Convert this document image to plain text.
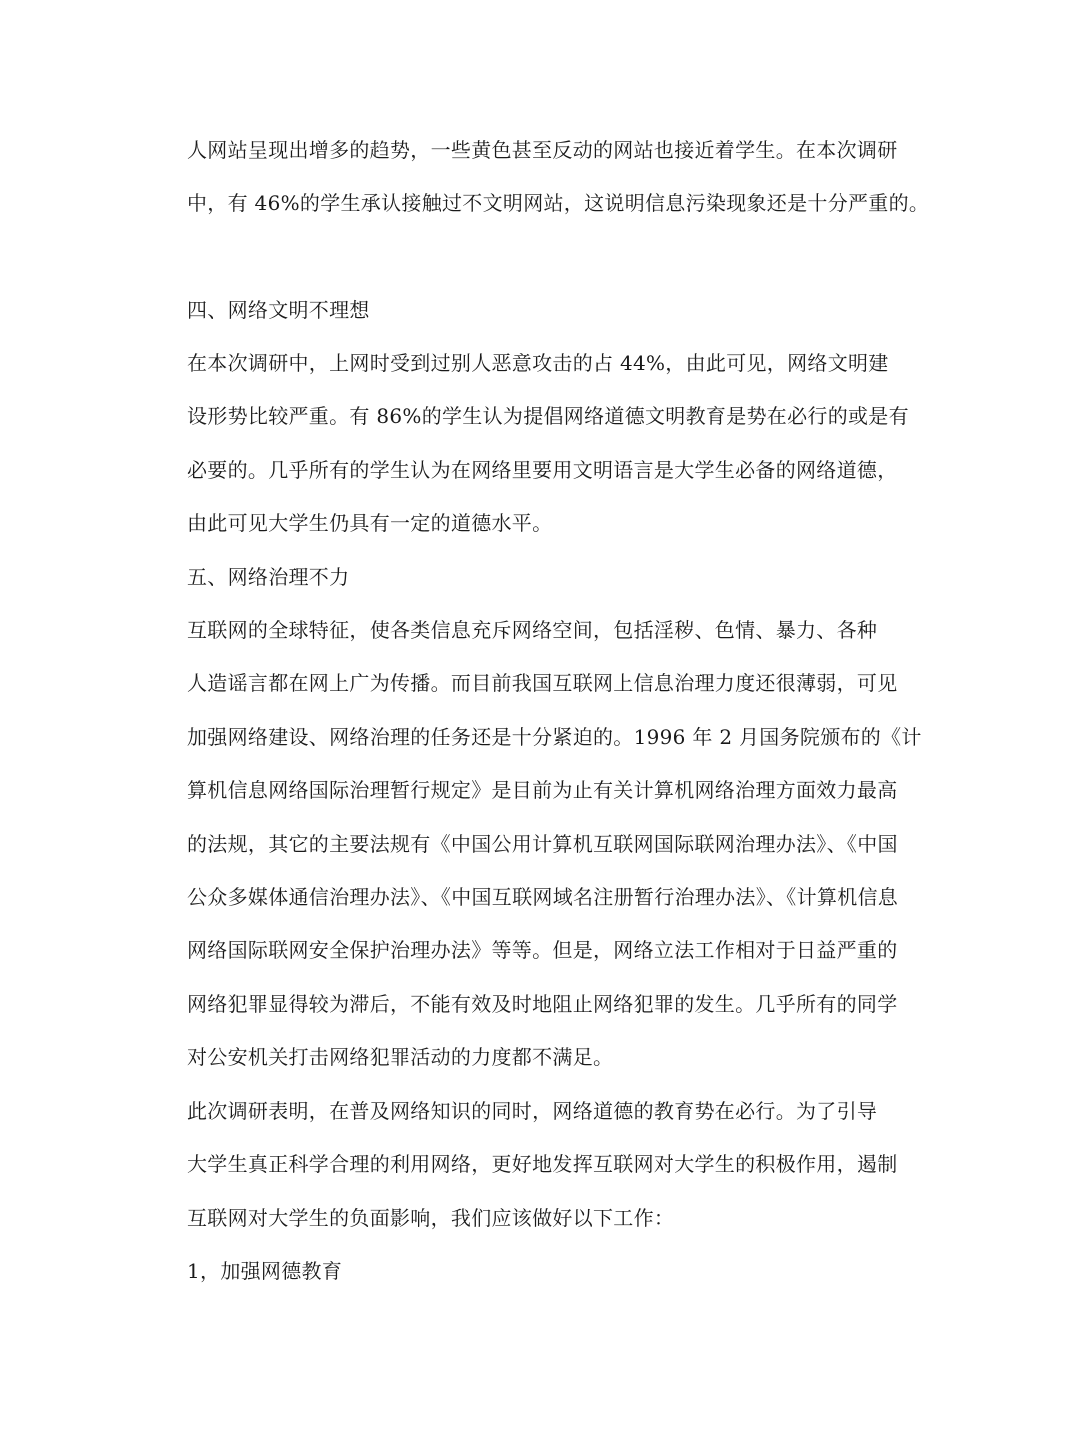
人网站呈现出增多的趋势，一些黄色甚至反动的网站也接近着学生。在本次调研
中，有 46%的学生承认接触过不文明网站，这说明信息污染现象还是十分严重的。
四、网络文明不理想
在本次调研中，上网时受到过别人恶意攻击的占 44%，由此可见，网络文明建
设形势比较严重。有 86%的学生认为提倡网络道德文明教育是势在必行的或是有
必要的。几乎所有的学生认为在网络里要用文明语言是大学生必备的网络道德，
由此可见大学生仍具有一定的道德水平。
五、网络治理不力
互联网的全球特征，使各类信息充斥网络空间，包括淫秽、色情、暴力、各种
人造谣言都在网上广为传播。而目前我国互联网上信息治理力度还很薄弱，可见
加强网络建设、网络治理的任务还是十分紧迫的。1996 年 2 月国务院颁布的《计
算机信息网络国际治理暂行规定》是目前为止有关计算机网络治理方面效力最高
的法规，其它的主要法规有《中国公用计算机互联网国际联网治理办法》、《中国
公众多媒体通信治理办法》、《中国互联网域名注册暂行治理办法》、《计算机信息
网络国际联网安全保护治理办法》等等。但是，网络立法工作相对于日益严重的
网络犯罪显得较为滞后，不能有效及时地阻止网络犯罪的发生。几乎所有的同学
对公安机关打击网络犯罪活动的力度都不满足。
此次调研表明，在普及网络知识的同时，网络道德的教育势在必行。为了引导
大学生真正科学合理的利用网络，更好地发挥互联网对大学生的积极作用，遏制
互联网对大学生的负面影响，我们应该做好以下工作：
1，加强网德教育
